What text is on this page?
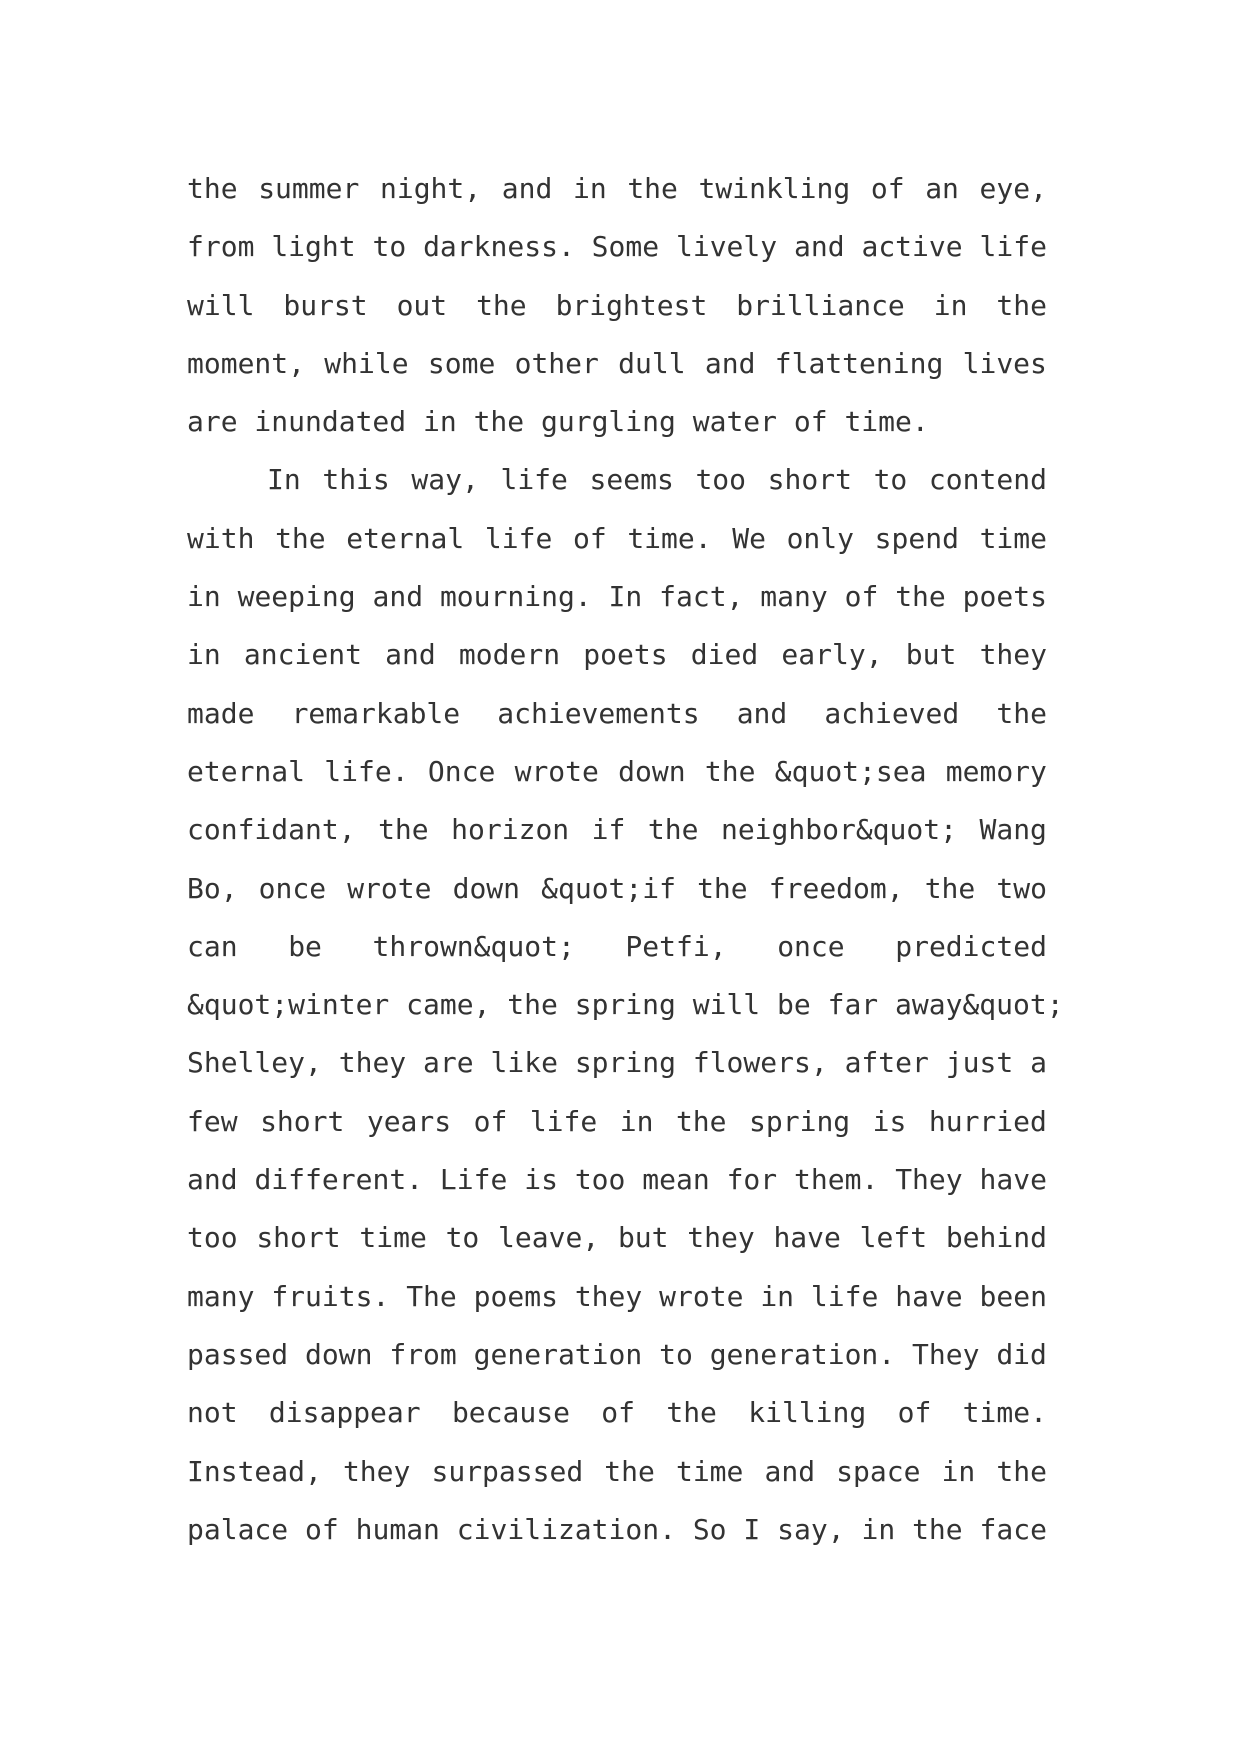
the summer night, and in the twinkling of an eye,
from light to darkness. Some lively and active life
will burst out the brightest brilliance in the
moment, while some other dull and flattening lives
are inundated in the gurgling water of time.
In this way, life seems too short to contend
with the eternal life of time. We only spend time
in weeping and mourning. In fact, many of the poets
in ancient and modern poets died early, but they
made remarkable achievements and achieved the
eternal life. Once wrote down the &quot;sea memory
confidant, the horizon if the neighbor&quot; Wang
Bo, once wrote down &quot;if the freedom, the two
can be thrown&quot; Petfi, once predicted
&quot;winter came, the spring will be far away&quot;
Shelley, they are like spring flowers, after just a
few short years of life in the spring is hurried
and different. Life is too mean for them. They have
too short time to leave, but they have left behind
many fruits. The poems they wrote in life have been
passed down from generation to generation. They did
not disappear because of the killing of time.
Instead, they surpassed the time and space in the
palace of human civilization. So I say, in the face
